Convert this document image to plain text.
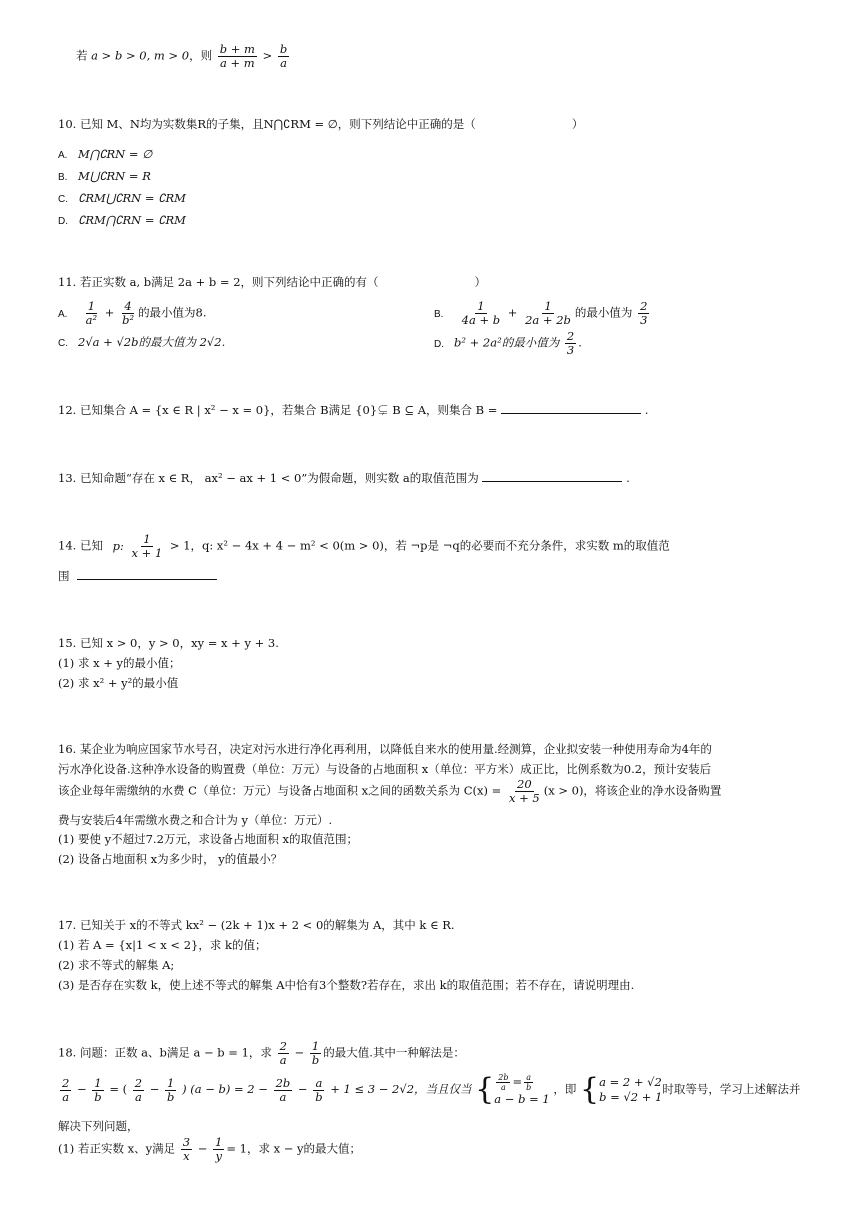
若 a > b > 0, m > 0，则 $\frac{b + m}{a + m} > \frac{b}{a}$
10. 已知 M、N均为实数集R的子集，且N⋂∁RM = ∅，则下列结论中正确的是（	）
A. M⋂∁RN = ∅
B. M⋃∁RN = R
C. ∁RM⋃∁RN = ∁RM
D. ∁RM⋂∁RN = ∁RM
11. 若正实数 a, b满足 2a + b = 2，则下列结论中正确的有（	）
A. $\frac{1}{\text{a²}} + \frac{4}{\text{b²}}$ 的最小值为8.	B. $\frac{1}{4a + b} + \frac{1}{2a + 2b}$ 的最小值为 $\frac{2}{3}$
C. 2√a + √2b的最大值为 2√2.	D. b² + 2a²的最小值为 $\frac{2}{3}$ .
12. 已知集合 A = {x ∈ R | x² − x = 0}，若集合 B满足 {0}⊊ B ⊆ A，则集合 B =	.
13. 已知命题“存在 x ∈ R， ax² − ax + 1 < 0”为假命题，则实数 a的取值范围为	.
14. 已知 p: $\frac{1}{x + 1} > 1$，q: x² − 4x + 4 − m² < 0(m > 0)，若 ¬p是 ¬q的必要而不充分条件，求实数 m的取值范
围
15. 已知 x > 0，y > 0，xy = x + y + 3.
(1) 求 x + y的最小值；
(2) 求 x² + y²的最小值
16. 某企业为响应国家节水号召，决定对污水进行净化再利用，以降低自来水的使用量.经测算，企业拟安装一种使用寿命为4年的
污水净化设备.这种净水设备的购置费（单位：万元）与设备的占地面积 x（单位：平方米）成正比，比例系数为0.2，预计安装后
该企业每年需缴纳的水费 C（单位：万元）与设备占地面积 x之间的函数关系为 $C(x) = \frac{20}{x + 5} (x > 0)$，将该企业的净水设备购置
费与安装后4年需缴水费之和合计为 y（单位：万元）.
(1) 要使 y不超过7.2万元，求设备占地面积 x的取值范围；
(2) 设备占地面积 x为多少时， y的值最小？
17. 已知关于 x的不等式 kx² − (2k + 1)x + 2 < 0的解集为 A，其中 k ∈ R.
(1) 若 A = {x|1 < x < 2}，求 k的值；
(2) 求不等式的解集 A;
(3) 是否存在实数 k，使上述不等式的解集 A中恰有3个整数?若存在，求出 k的取值范围；若不存在，请说明理由.
18. 问题：正数 a、b满足 a − b = 1，求 $\frac{2}{a} - \frac{1}{b}$ 的最大值.其中一种解法是：
$\frac{2}{a} - \frac{1}{b}$ = ( $\frac{2}{a} - \frac{1}{b}$ ) $(a - b) = 2 - \frac{2b}{a} - \frac{a}{b} + 1 \le 3 - 2√2$，当且仅当 { $\frac{2b}{a} = \frac{a}{b}$
a − b = 1
，即 { a = 2 + √2
b = √2 + 1
时取等号，学习上述解法并
解决下列问题，
(1) 若正实数 x、y满足 $\frac{3}{x} - \frac{1}{y} = 1$，求 x − y的最大值；
